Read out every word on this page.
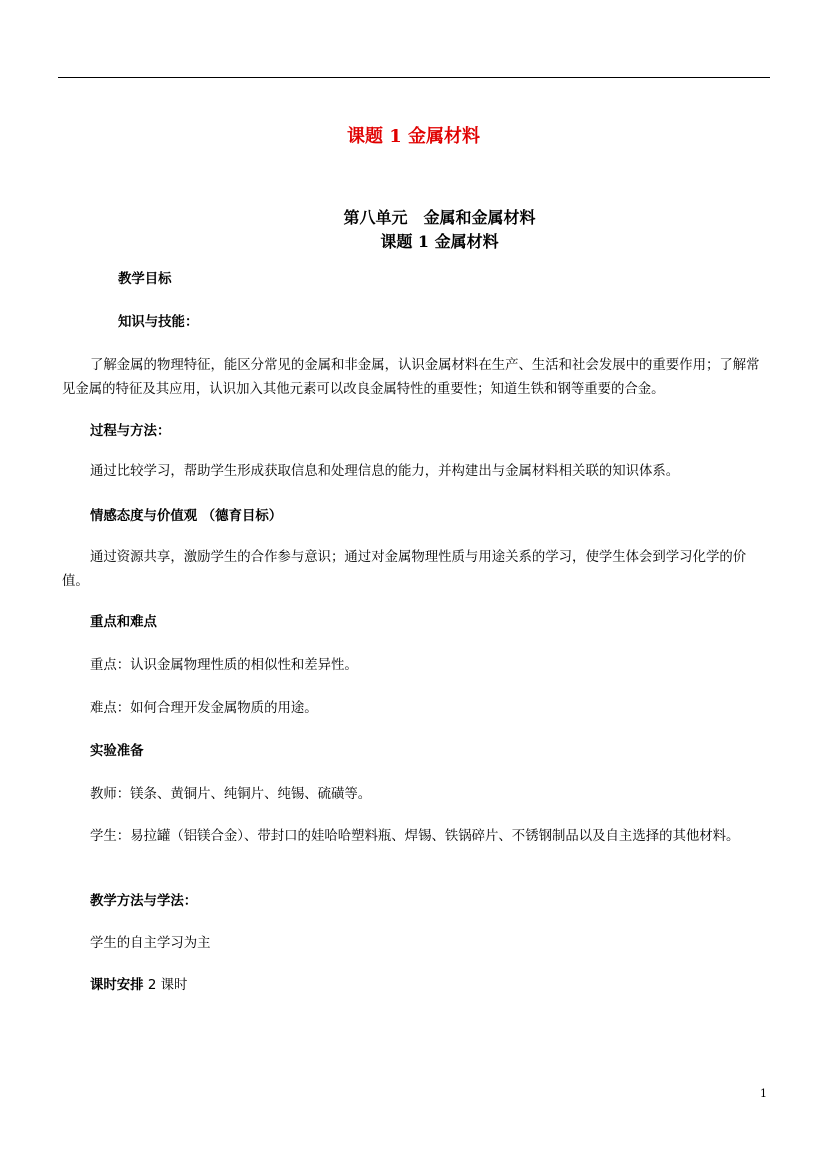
课题 1 金属材料
第八单元　金属和金属材料
课题 1 金属材料
教学目标
知识与技能：
了解金属的物理特征，能区分常见的金属和非金属，认识金属材料在生产、生活和社会发展中的重要作用；了解常见金属的特征及其应用，认识加入其他元素可以改良金属特性的重要性；知道生铁和钢等重要的合金。
过程与方法：
通过比较学习，帮助学生形成获取信息和处理信息的能力，并构建出与金属材料相关联的知识体系。
情感态度与价值观 （德育目标）
通过资源共享，激励学生的合作参与意识；通过对金属物理性质与用途关系的学习，使学生体会到学习化学的价值。
重点和难点
重点：认识金属物理性质的相似性和差异性。
难点：如何合理开发金属物质的用途。
实验准备
教师：镁条、黄铜片、纯铜片、纯锡、硫磺等。
学生：易拉罐（铝镁合金）、带封口的娃哈哈塑料瓶、焊锡、铁锅碎片、不锈钢制品以及自主选择的其他材料。
教学方法与学法：
学生的自主学习为主
课时安排 2 课时
1
